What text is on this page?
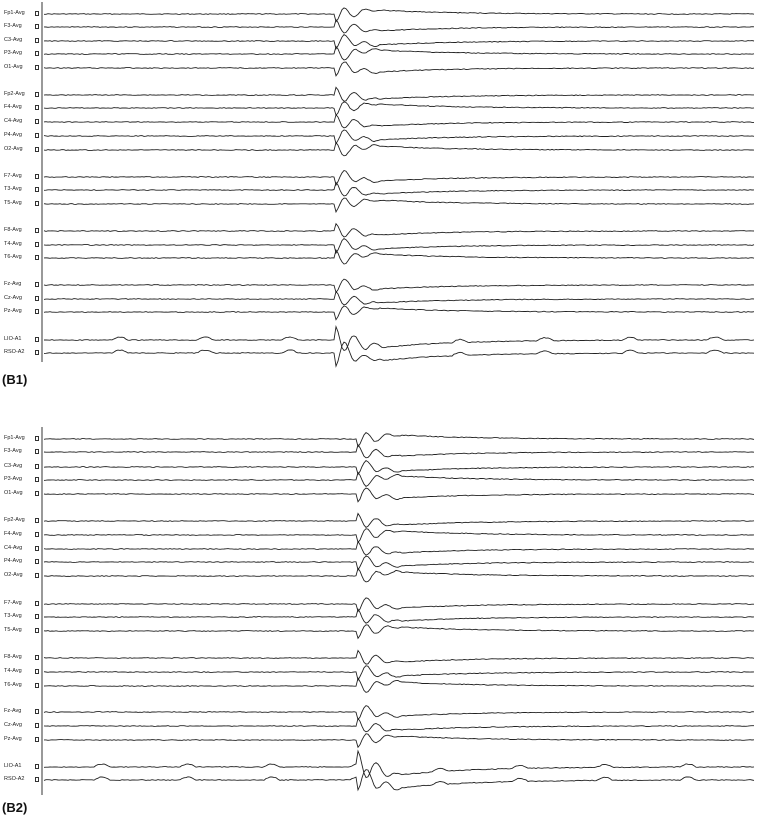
Fp1-Avg
F3-Avg
C3-Avg
P3-Avg
O1-Avg
Fp2-Avg
F4-Avg
C4-Avg
P4-Avg
O2-Avg
F7-Avg
T3-Avg
T5-Avg
F8-Avg
T4-Avg
T6-Avg
Fz-Avg
Cz-Avg
Pz-Avg
LIO-A1
RSO-A2
(B1)
Fp1-Avg
F3-Avg
C3-Avg
P3-Avg
O1-Avg
Fp2-Avg
F4-Avg
C4-Avg
P4-Avg
O2-Avg
F7-Avg
T3-Avg
T5-Avg
F8-Avg
T4-Avg
T6-Avg
Fz-Avg
Cz-Avg
Pz-Avg
LIO-A1
RSO-A2
(B2)
